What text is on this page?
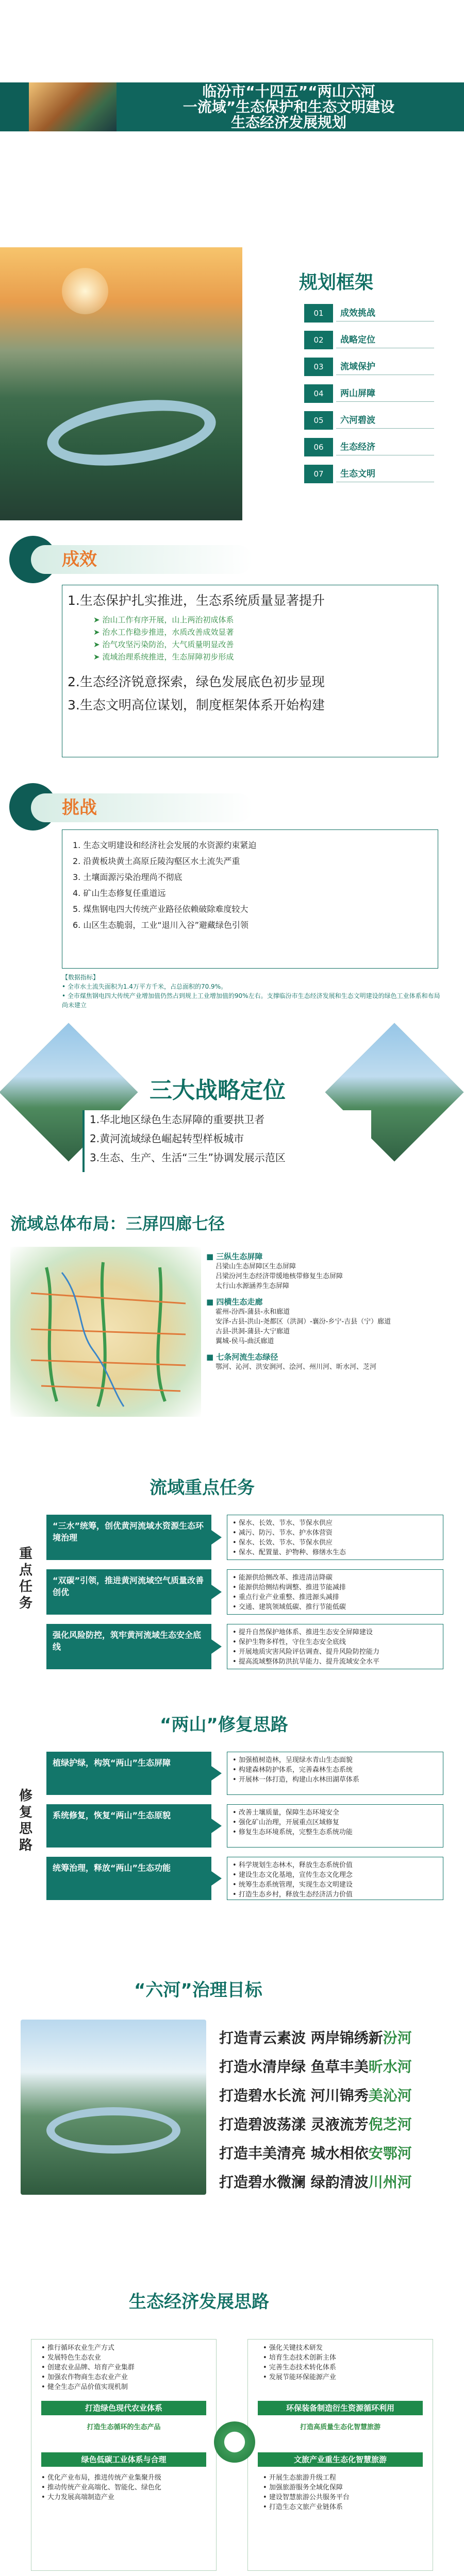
临汾市“十四五”“两山六河
一流域”生态保护和生态文明建设
生态经济发展规划
规划框架
成效
1.生态保护扎实推进，生态系统质量显著提升
➤ 治山工作有序开展，山上两治初成体系
➤ 治水工作稳步推进，水质改善成效显著
➤ 治气攻坚污染防治，大气质量明显改善
➤ 流域治理系统推进，生态屏障初步形成
2.生态经济锐意探索，绿色发展底色初步显现
3.生态文明高位谋划，制度框架体系开始构建
挑战
1. 生态文明建设和经济社会发展的水资源约束紧迫
2. 沿黄板块黄土高原丘陵沟壑区水土流失严重
3. 土壤面源污染治理尚不彻底
4. 矿山生态修复任重道远
5. 煤焦钢电四大传统产业路径依赖破除难度较大
6. 山区生态脆弱，工业“退川入谷”避藏绿色引领
【数据指标】
• 全市水土流失面积为1.4万平方千米，占总面积的70.9%。
• 全市煤焦钢电四大传统产业增加值仍然占到规上工业增加值的90%左右。支撑临汾市生态经济发展和生态文明建设的绿色工业体系和布局尚未建立
三大战略定位
1.华北地区绿色生态屏障的重要拱卫者
2.黄河流域绿色崛起转型样板城市
3.生态、生产、生活“三生”协调发展示范区
流域总体布局：三屏四廊七径
■ 三纵生态屏障
吕梁山生态屏障区生态屏障
吕梁汾河生态经济带缓地核带修复生态屏障
太行山水源涵养生态屏障
■ 四横生态走廊
霍州-汾西-蒲县-永和廊道
安泽-古县-洪山-尧都区（洪洞）-襄汾-乡宁-吉县（宁）廊道
古县-洪洞-蒲县-大宁廊道
翼城-侯马-曲沃廊道
■ 七条河流生态绿径
鄂河、沁河、洪安涧河、浍河、州川河、昕水河、芝河
流域重点任务
重点任务
“两山”修复思路
修复思路
“六河”治理目标
打造青云素波 两岸锦绣新汾河
打造水清岸绿 鱼草丰美昕水河
打造碧水长流 河川锦秀美沁河
打造碧波荡漾 灵液流芳倪芝河
打造丰美清亮 城水相依安鄂河
打造碧水微澜 绿韵清波川州河
生态经济发展思路
• 推行循环农业生产方式
• 发展特色生态农业
• 创建农业品牌、培育产业集群
• 加强农作物商生态农业产业
• 健全生态产品价值实现机制
• 强化关键技术研发
• 培育生态技术创新主体
• 完善生态技术转化体系
• 发展节能环保能源产业
打造绿色现代农业体系	环保装备制造衍生资源循环利用
绿色低碳工业体系与合理	文旅产业重生态化智慧旅游
• 优化产业布局，推进传统产业集聚升级
• 推动传统产业高端化、智能化、绿色化
• 大力发展高端制造产业
• 开展生态旅游升级工程
• 加强旅游服务全域化保障
• 建设智慧旅游公共服务平台
• 打造生态文旅产业链体系
打造生态循环的生态产品	打造高质量生态化智慧旅游
01	成效挑战
02	战略定位
03	流域保护
04	两山屏障
05	六河碧波
06	生态经济
07	生态文明
“三水”统筹，创优黄河流域水资源生态环境治理
• 保水、长效、节水、节保水供应
• 减污、防污、节水、护水体营资
• 保水、长效、节水、节保水供应
• 保水、配置量、护物种、修缮水生态
“双碳”引领，推进黄河流域空气质量改善创优
• 能源供给侧改革、推进清洁降碳
• 能源供给侧结构调整、推进节能减排
• 重点行业产业重整、推进源头减排
• 交通、建筑领域低碳、推行节能低碳
强化风险防控，筑牢黄河流域生态安全底线
• 提升自然保护地体系、推进生态安全屏障建设
• 保护生物多样性，守住生态安全底线
• 开展地质灾害风险评估调查、提升风险防控能力
• 提高流域整体防洪抗旱能力、提升流域安全水平
植绿护绿，构筑“两山”生态屏障	• 加强植树造林，呈现绿水青山生态面貌
• 构建森林防护体系，完善森林生态系统
• 开展林一体打造，构建山水林田湖草体系
系统修复，恢复“两山”生态原貌	• 改善土壤质量，保障生态环境安全
• 强化矿山治理，开展重点区域修复
• 修复生态环境系统，完整生态系统功能
统筹治理，释放“两山”生态功能	• 科学规划生态林木，释放生态系统价值
• 建设生态文化基地，宣传生态文化理念
• 统筹生态系统管理，实现生态文明建设
• 打造生态乡村，释放生态经济活力价值
